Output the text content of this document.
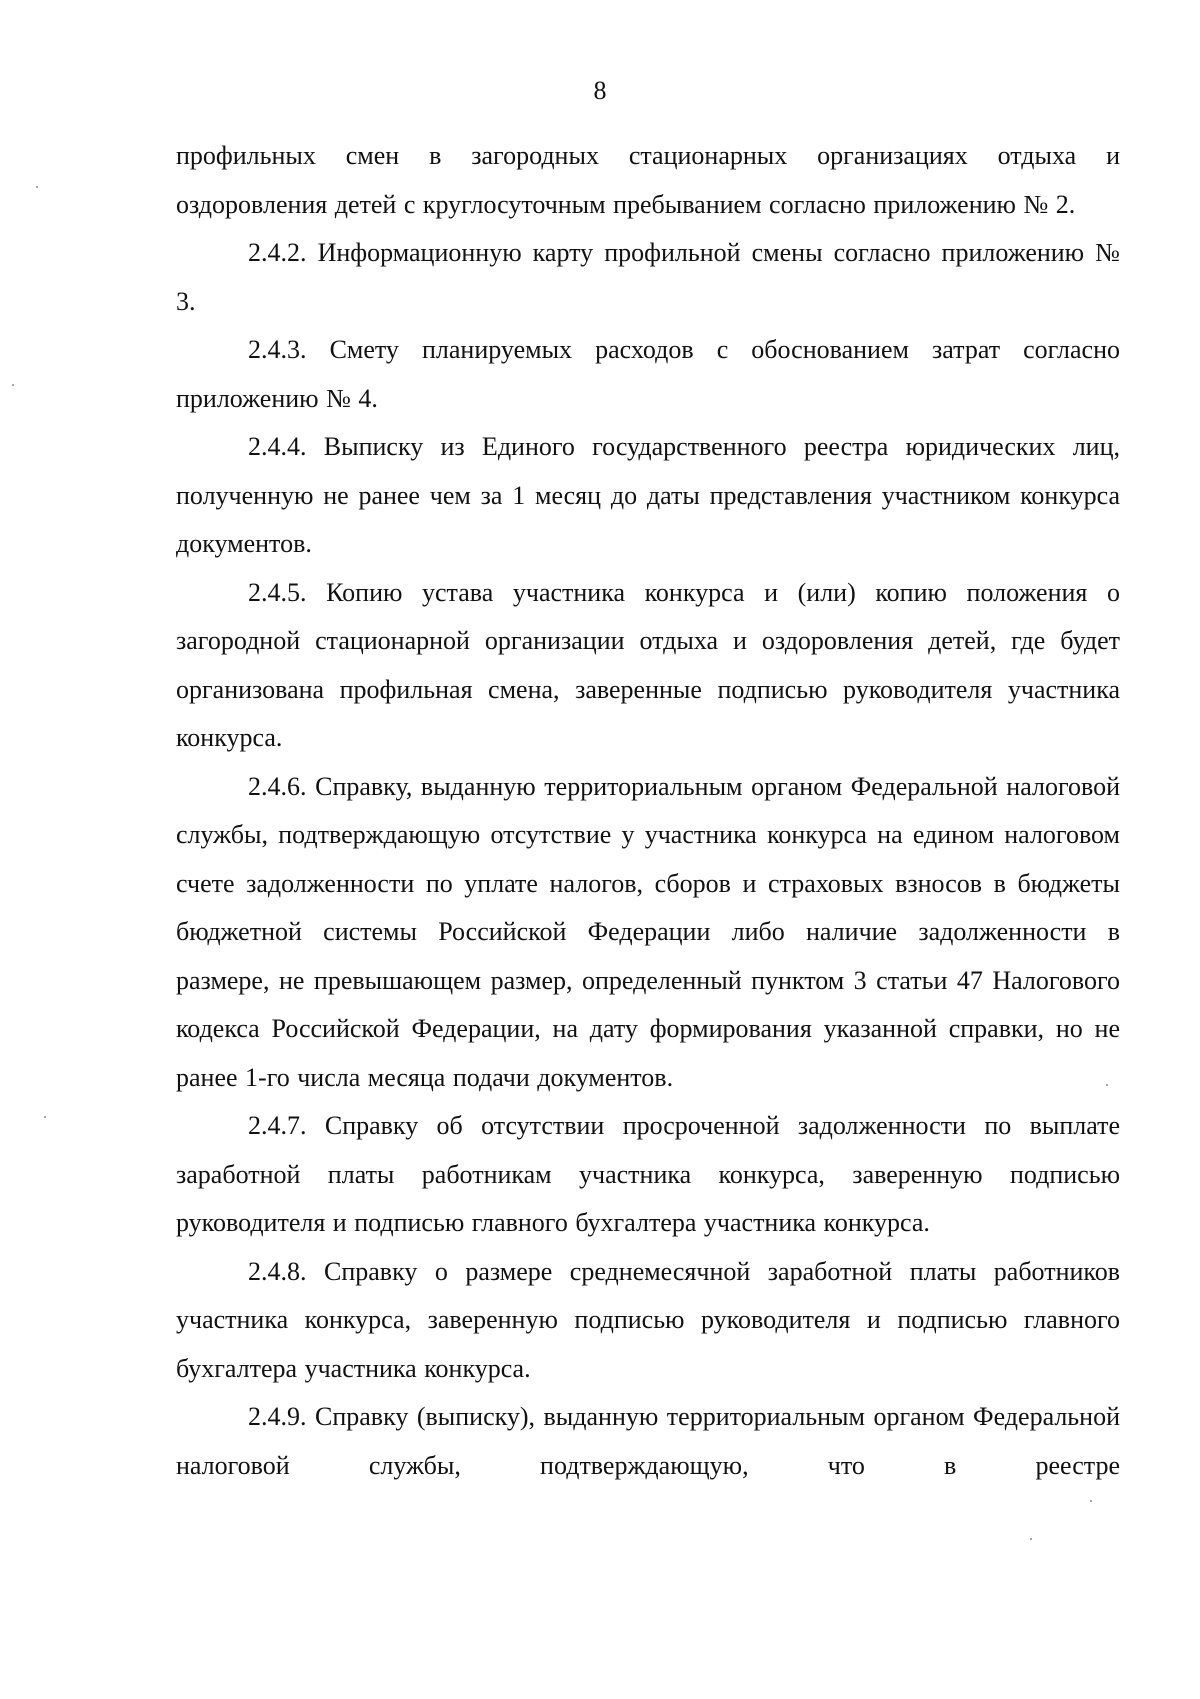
8

профильных смен в загородных стационарных организациях отдыха и оздоровления детей с круглосуточным пребыванием согласно приложению № 2.

2.4.2. Информационную карту профильной смены согласно приложению № 3.

2.4.3. Смету планируемых расходов с обоснованием затрат согласно приложению № 4.

2.4.4. Выписку из Единого государственного реестра юридических лиц, полученную не ранее чем за 1 месяц до даты представления участником конкурса документов.

2.4.5. Копию устава участника конкурса и (или) копию положения о загородной стационарной организации отдыха и оздоровления детей, где будет организована профильная смена, заверенные подписью руководителя участника конкурса.

2.4.6. Справку, выданную территориальным органом Федеральной налоговой службы, подтверждающую отсутствие у участника конкурса на едином налоговом счете задолженности по уплате налогов, сборов и страховых взносов в бюджеты бюджетной системы Российской Федерации либо наличие задолженности в размере, не превышающем размер, определенный пунктом 3 статьи 47 Налогового кодекса Российской Федерации, на дату формирования указанной справки, но не ранее 1-го числа месяца подачи документов.

2.4.7. Справку об отсутствии просроченной задолженности по выплате заработной платы работникам участника конкурса, заверенную подписью руководителя и подписью главного бухгалтера участника конкурса.

2.4.8. Справку о размере среднемесячной заработной платы работников участника конкурса, заверенную подписью руководителя и подписью главного бухгалтера участника конкурса.

2.4.9. Справку (выписку), выданную территориальным органом Федеральной налоговой службы, подтверждающую, что в реестре
